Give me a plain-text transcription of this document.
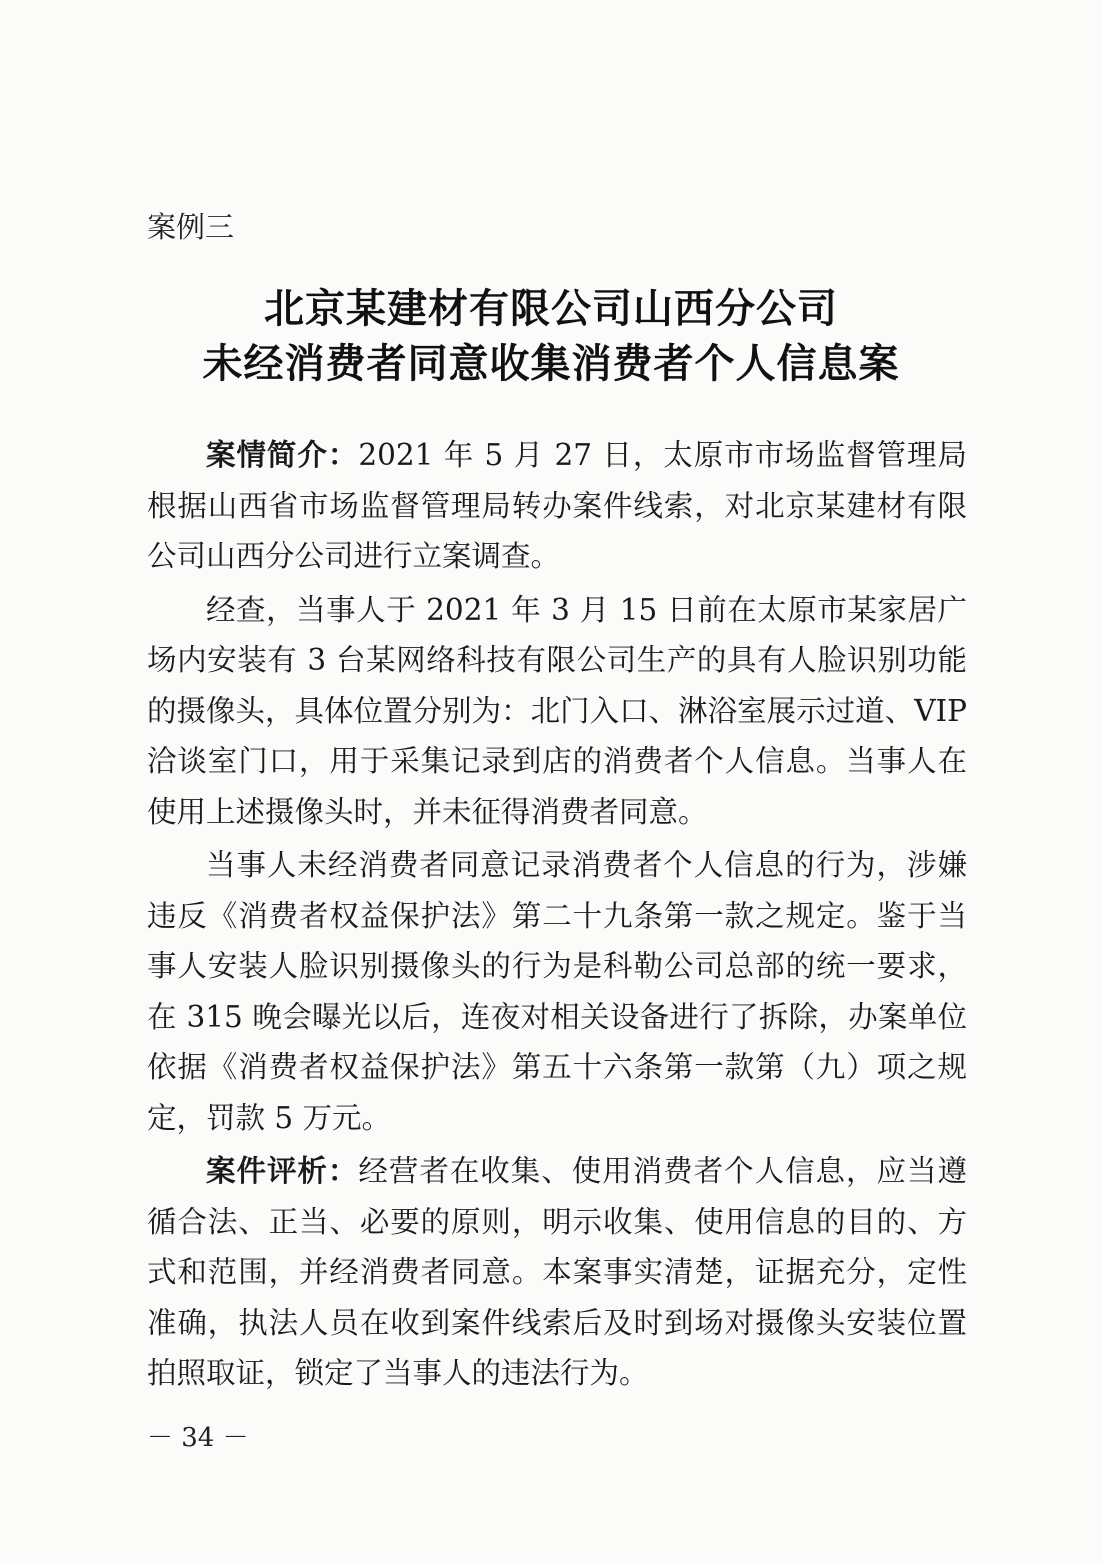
案例三
北京某建材有限公司山西分公司
未经消费者同意收集消费者个人信息案

案情简介：2021 年 5 月 27 日，太原市市场监督管理局根据山西省市场监督管理局转办案件线索，对北京某建材有限公司山西分公司进行立案调查。

经查，当事人于 2021 年 3 月 15 日前在太原市某家居广场内安装有 3 台某网络科技有限公司生产的具有人脸识别功能的摄像头，具体位置分别为：北门入口、淋浴室展示过道、VIP 洽谈室门口，用于采集记录到店的消费者个人信息。当事人在使用上述摄像头时，并未征得消费者同意。

当事人未经消费者同意记录消费者个人信息的行为，涉嫌违反《消费者权益保护法》第二十九条第一款之规定。鉴于当事人安装人脸识别摄像头的行为是科勒公司总部的统一要求，在 315 晚会曝光以后，连夜对相关设备进行了拆除，办案单位依据《消费者权益保护法》第五十六条第一款第（九）项之规定，罚款 5 万元。

案件评析：经营者在收集、使用消费者个人信息，应当遵循合法、正当、必要的原则，明示收集、使用信息的目的、方式和范围，并经消费者同意。本案事实清楚，证据充分，定性准确，执法人员在收到案件线索后及时到场对摄像头安装位置拍照取证，锁定了当事人的违法行为。

－ 34 －
